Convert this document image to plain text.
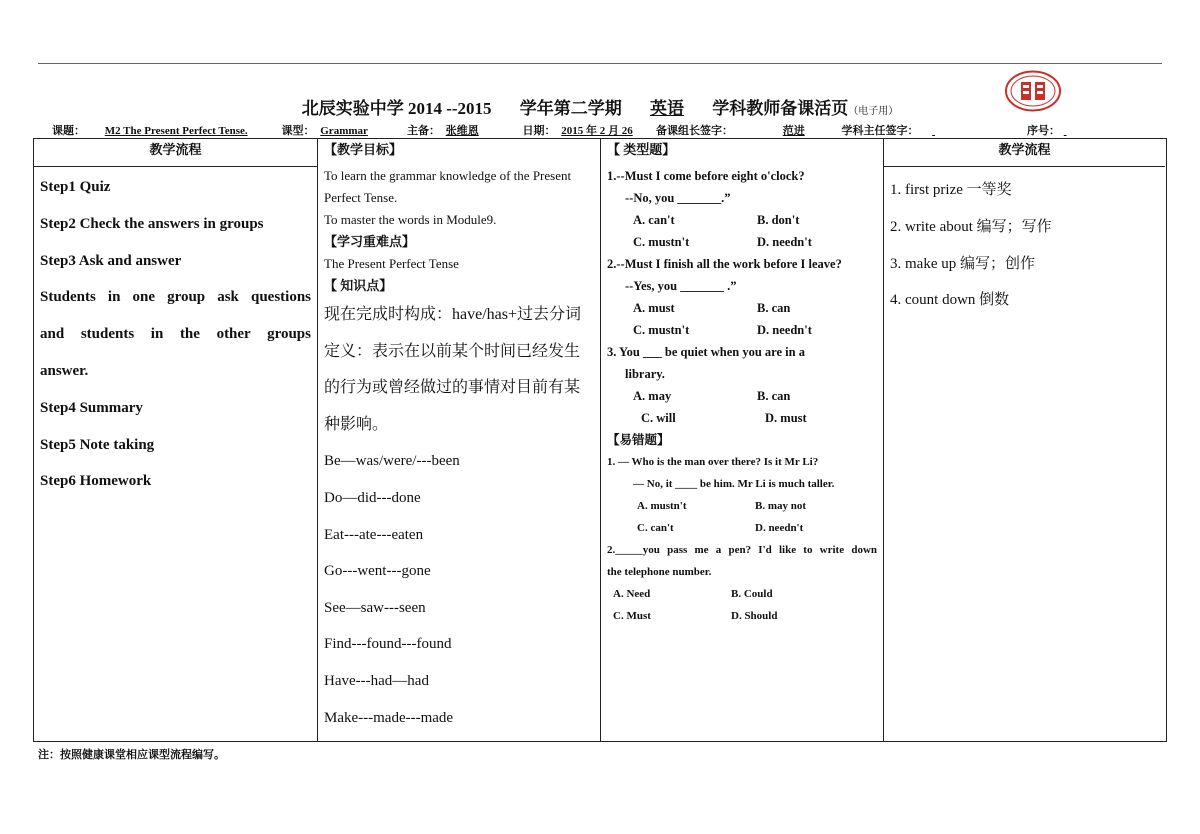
北辰实验中学 2014 --2015 学年第二学期 英语 学科教师备课活页（电子用）
课题： M2 The Present Perfect Tense.	课型： Grammar	主备： 张维恩	日期： 2015 年 2 月 26 备课组长签字：	范进	学科主任签字：	序号：
教学流程

Step1 Quiz

Step2 Check the answers in groups

Step3 Ask and answer

Students in one group ask questions

and students in the other groups

answer.

Step4 Summary

Step5 Note taking

Step6 Homework

【教学目标】

To learn the grammar knowledge of the Present

Perfect Tense.

To master the words in Module9.

【学习重难点】

The Present Perfect Tense

【 知识点】

现在完成时构成：have/has+过去分词

定义：表示在以前某个时间已经发生

的行为或曾经做过的事情对目前有某

种影响。

Be—was/were/---been

Do—did---done

Eat---ate---eaten

Go---went---gone

See—saw---seen

Find---found---found

Have---had—had

Make---made---made

【 类型题】

1.--Must I come before eight o'clock?

--No, you _______.”

A. can't	B. don't

C. mustn't	D. needn't

2.--Must I finish all the work before I leave?

--Yes, you _______ .”

A. must	B. can

C. mustn't	D. needn't

3. You ___ be quiet when you are in a

library.

A. may	B. can

C. will	D. must

【易错题】

1. — Who is the man over there? Is it Mr Li?

— No, it ____ be him. Mr Li is much taller.

A. mustn't	B. may not

C. can't	D. needn't

2._____you pass me a pen? I'd like to write down

the telephone number.

A. Need	B. Could

C. Must	D. Should

教学流程

1. first prize 一等奖

2. write about 编写；写作

3. make up 编写；创作

4. count down 倒数

注：按照健康课堂相应课型流程编写。
